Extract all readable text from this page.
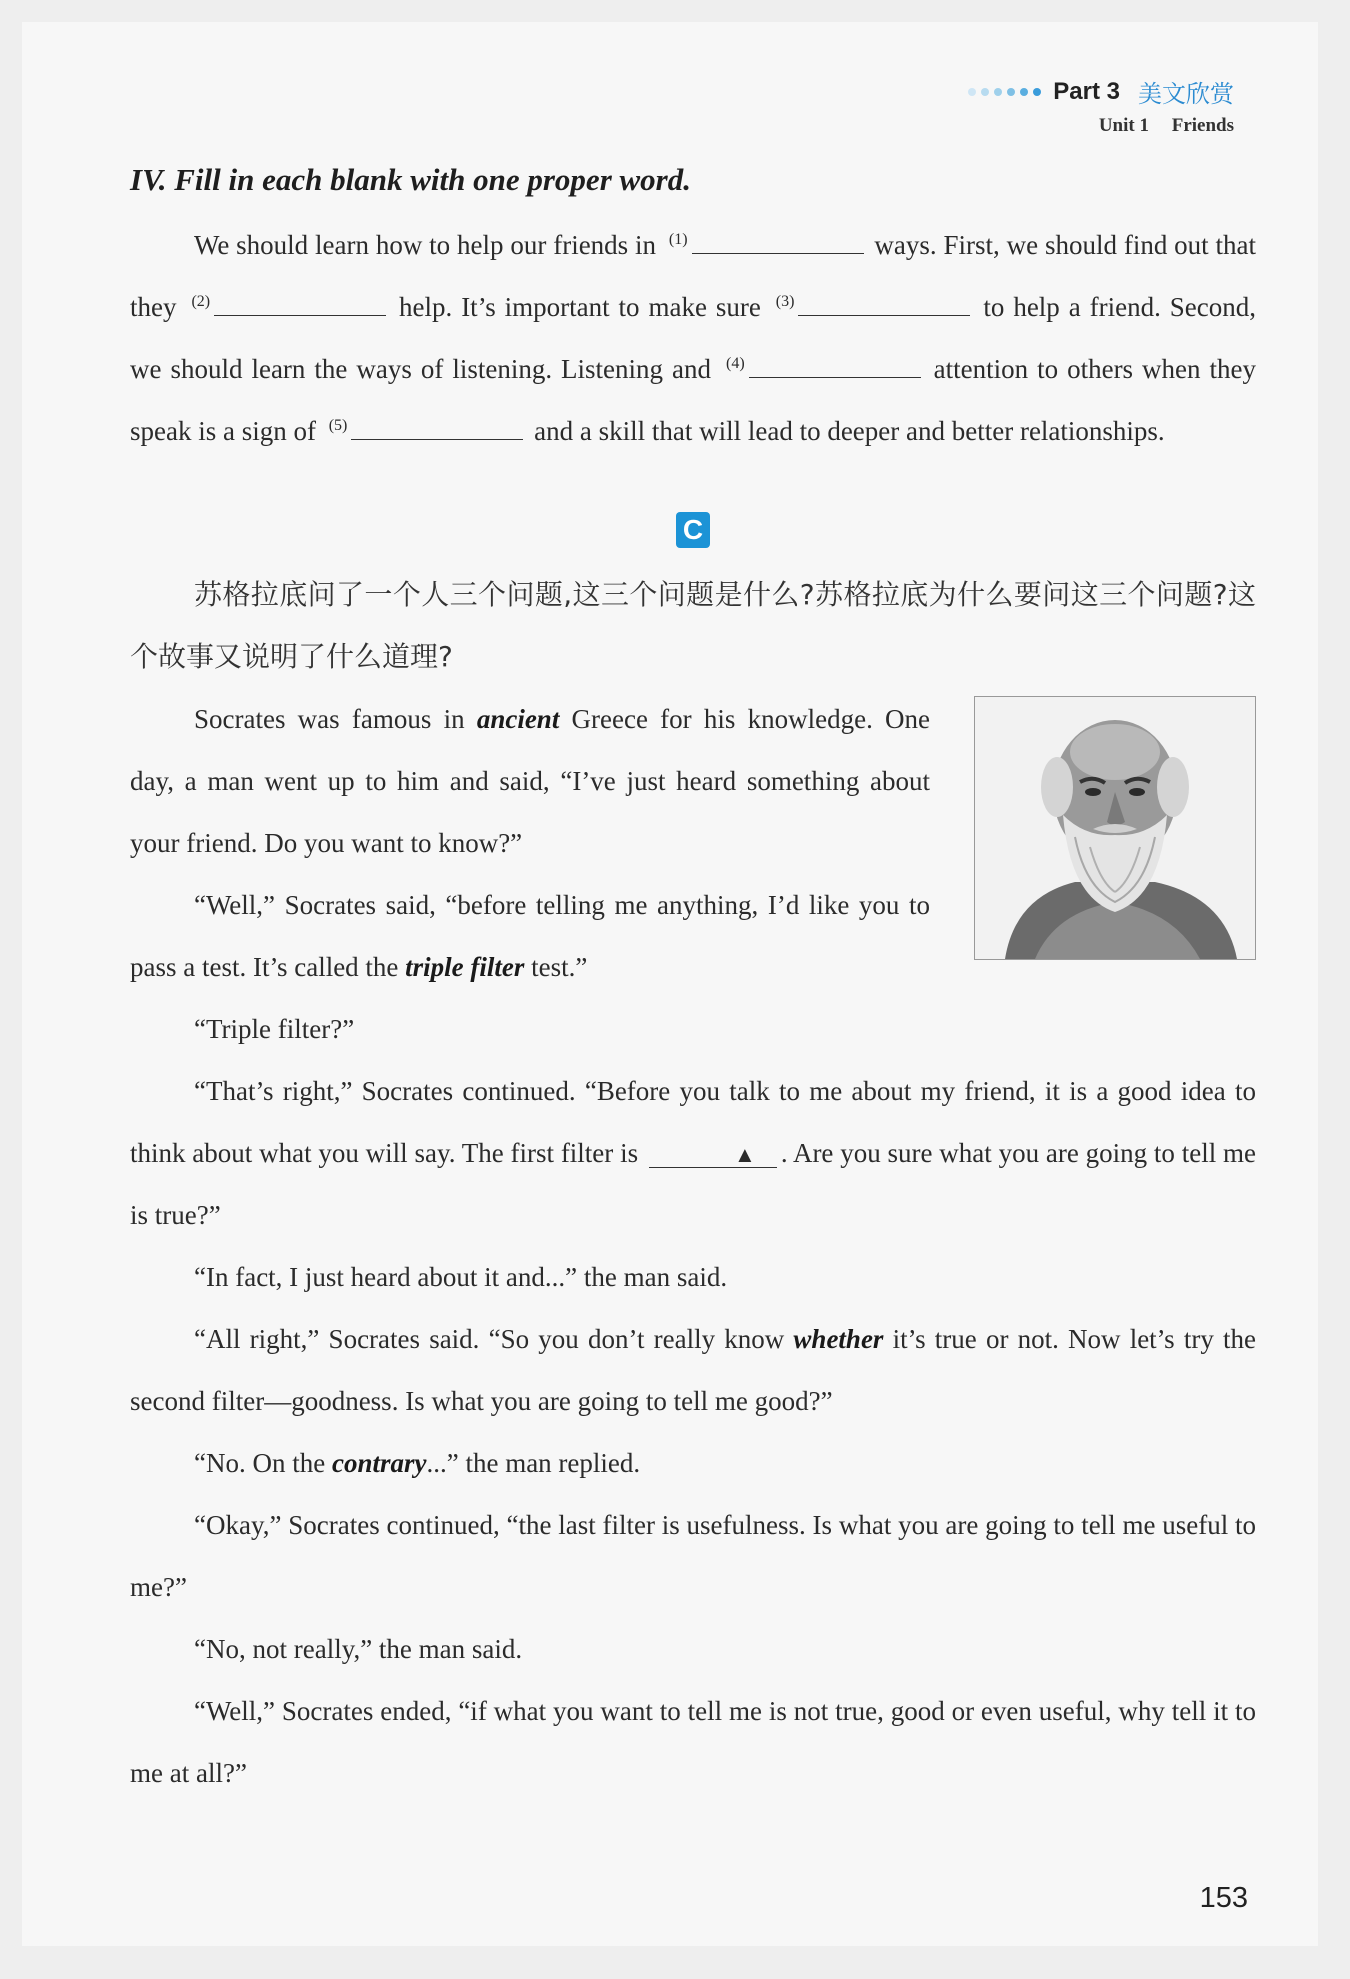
Part 3 美文欣赏
Unit 1 Friends
IV. Fill in each blank with one proper word.

We should learn how to help our friends in $^{(1)}$	ways. First, we should find out that they $^{(2)}$	help. It’s important to make sure $^{(3)}$	to help a friend. Second, we should learn the ways of listening. Listening and $^{(4)}$	attention to others when they speak is a sign of $^{(5)}$	and a skill that will lead to deeper and better relationships.

C

苏格拉底问了一个人三个问题,这三个问题是什么?苏格拉底为什么要问这三个问题?这个故事又说明了什么道理?

Socrates was famous in ancient Greece for his knowledge. One day, a man went up to him and said, “I’ve just heard something about your friend. Do you want to know?”

“Well,” Socrates said, “before telling me anything, I’d like you to pass a test. It’s called the triple filter test.”

“Triple filter?”

“That’s right,” Socrates continued. “Before you talk to me about my friend, it is a good idea to think about what you will say. The first filter is	▲ . Are you sure what you are going to tell me is true?”

“In fact, I just heard about it and...” the man said.

“All right,” Socrates said. “So you don’t really know whether it’s true or not. Now let’s try the second filter—goodness. Is what you are going to tell me good?”

“No. On the contrary...” the man replied.

“Okay,” Socrates continued, “the last filter is usefulness. Is what you are going to tell me useful to me?”

“No, not really,” the man said.

“Well,” Socrates ended, “if what you want to tell me is not true, good or even useful, why tell it to me at all?”

153
